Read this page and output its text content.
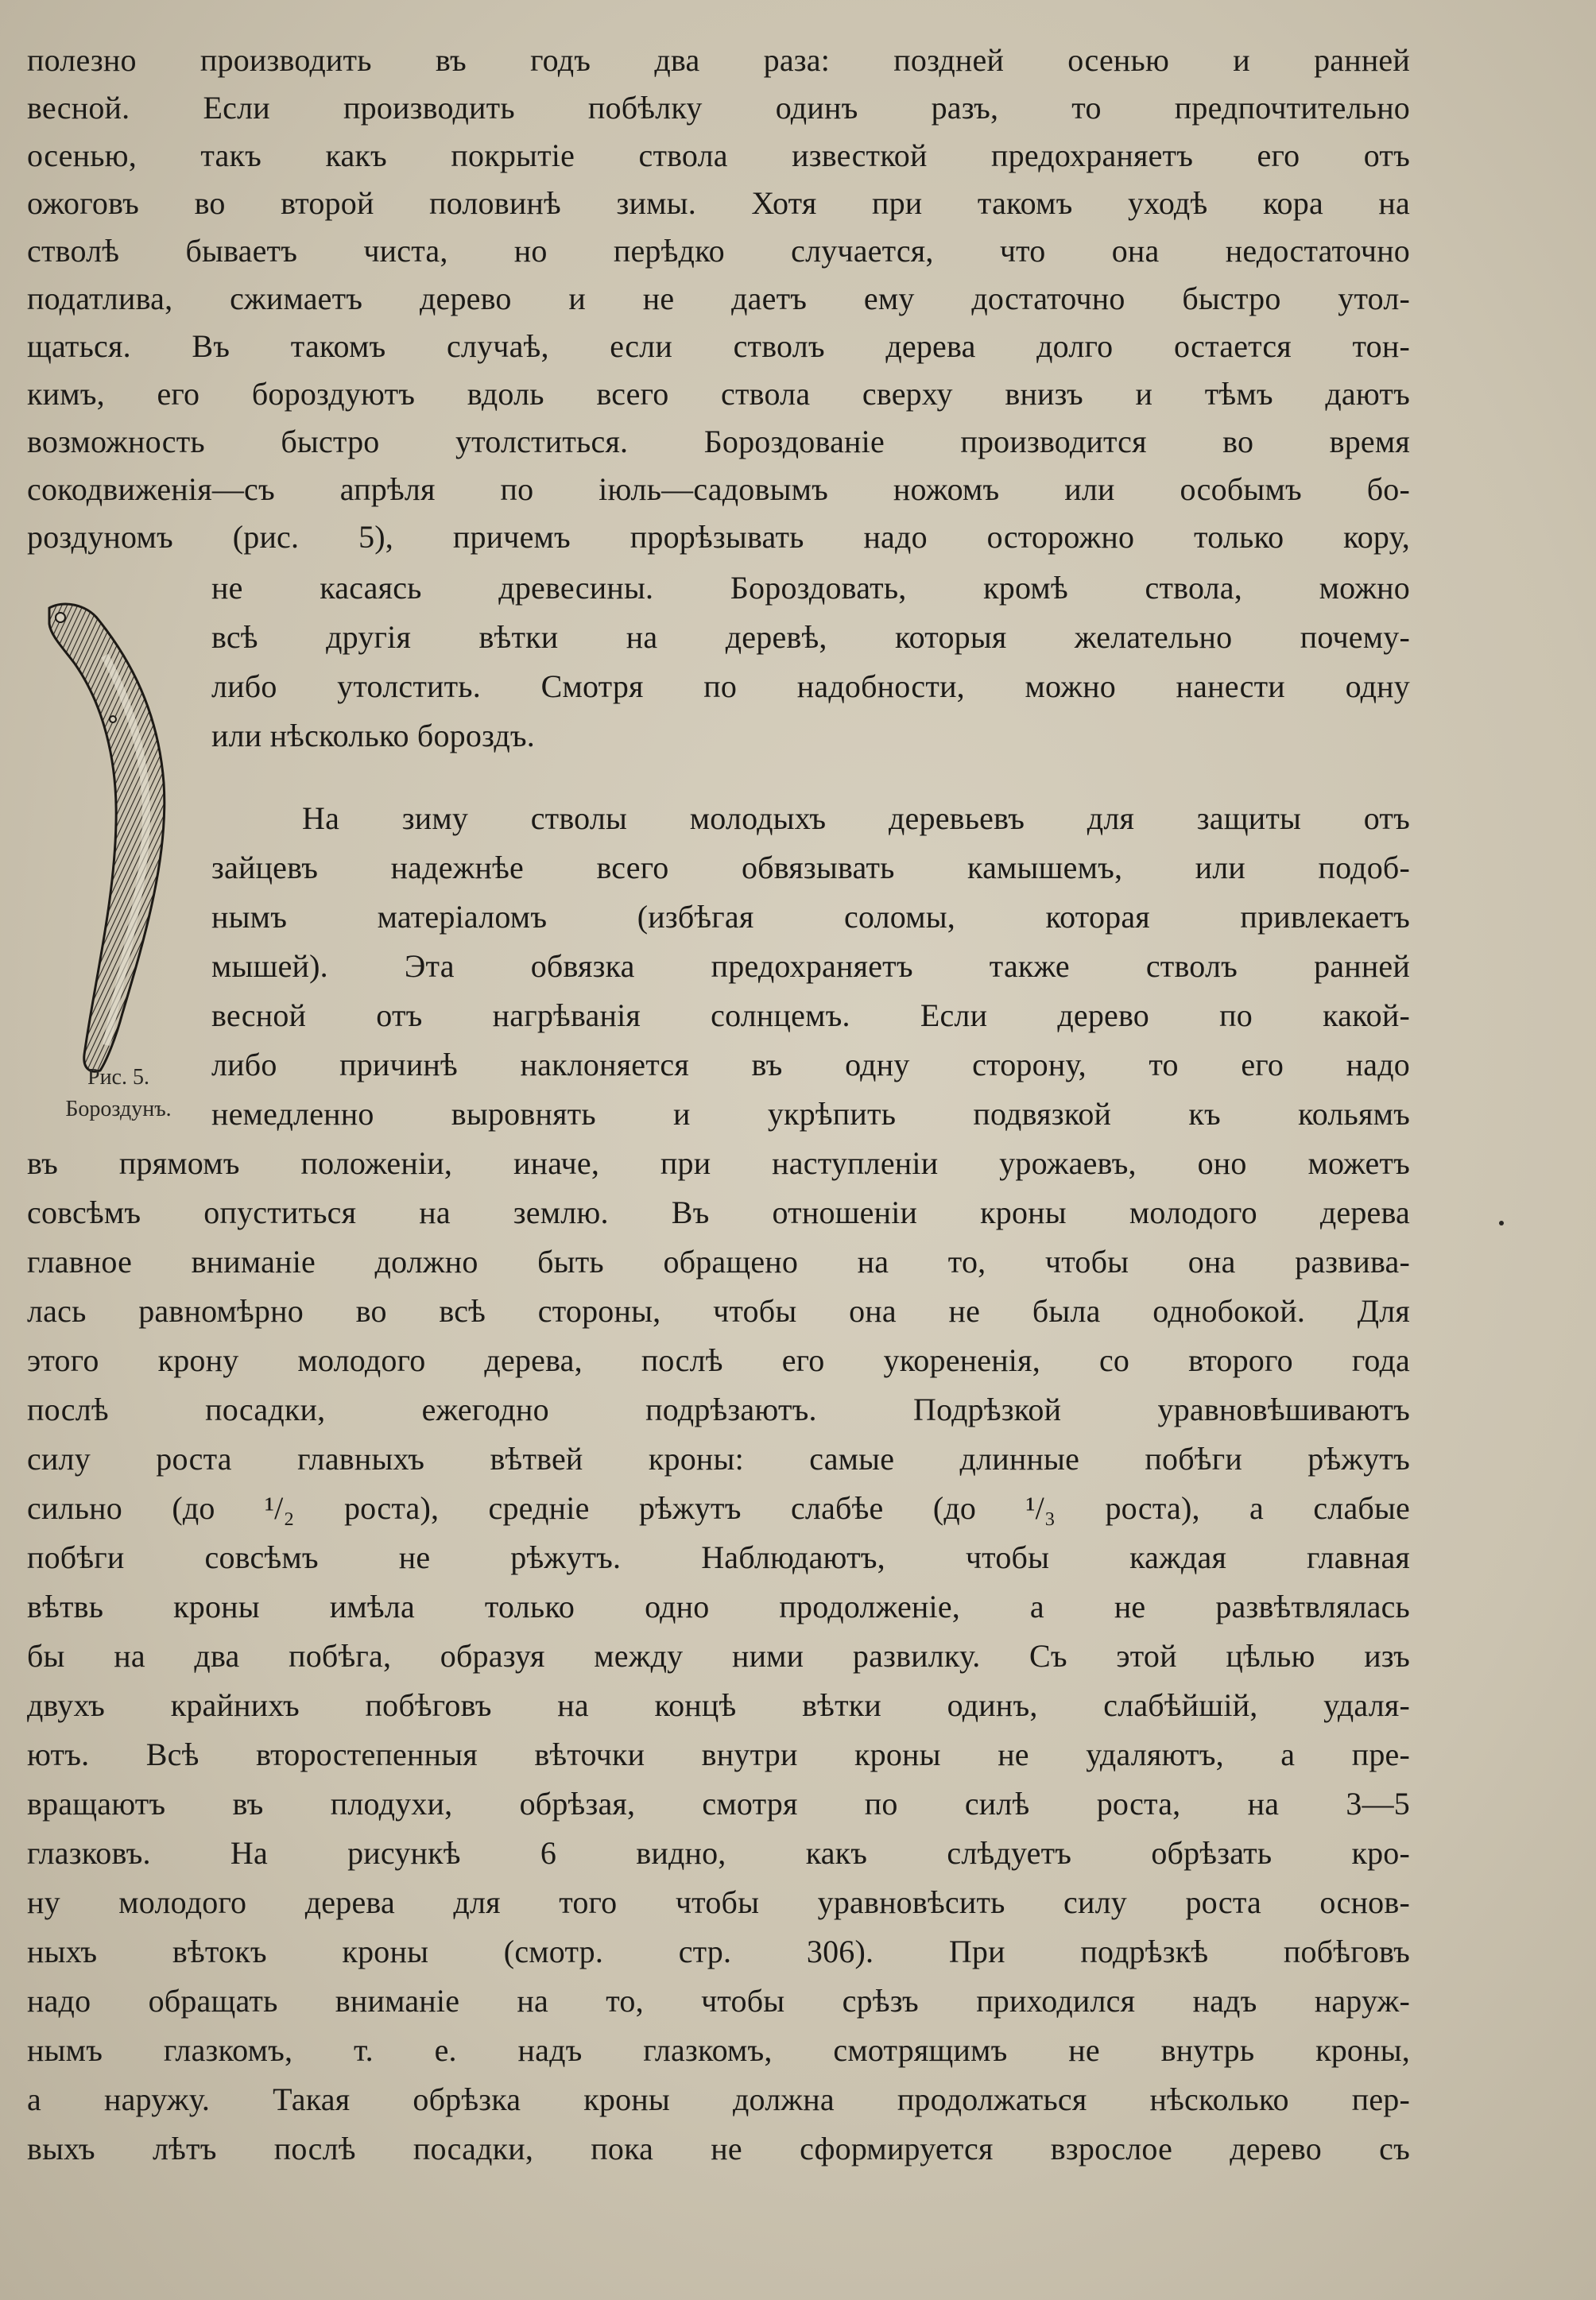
Рис. 5.
Бороздунъ.
полезно производить въ годъ два раза: поздней осенью и ранней
весной. Если производить побѣлку одинъ разъ, то предпочтительно
осенью, такъ какъ покрытіе ствола известкой предохраняетъ его отъ
ожоговъ во второй половинѣ зимы. Хотя при такомъ уходѣ кора на
стволѣ бываетъ чиста, но перѣдко случается, что она недостаточно
податлива, сжимаетъ дерево и не даетъ ему достаточно быстро утол-
щаться. Въ такомъ случаѣ, если стволъ дерева долго остается тон-
кимъ, его бороздуютъ вдоль всего ствола сверху внизъ и тѣмъ даютъ
возможность быстро утолститься. Бороздованіе производится во время
сокодвиженія—съ апрѣля по іюль—садовымъ ножомъ или особымъ бо-
роздуномъ (рис. 5), причемъ прорѣзывать надо осторожно только кору,
не касаясь древесины. Бороздовать, кромѣ ствола, можно
всѣ другія вѣтки на деревѣ, которыя желательно почему-
либо утолстить. Смотря по надобности, можно нанести одну
или нѣсколько бороздъ.
На зиму стволы молодыхъ деревьевъ для защиты отъ
зайцевъ надежнѣе всего обвязывать камышемъ, или подоб-
нымъ матеріаломъ (избѣгая соломы, которая привлекаетъ
мышей). Эта обвязка предохраняетъ также стволъ ранней
весной отъ нагрѣванія солнцемъ. Если дерево по какой-
либо причинѣ наклоняется въ одну сторону, то его надо
немедленно выровнять и укрѣпить подвязкой къ кольямъ
въ прямомъ положеніи, иначе, при наступленіи урожаевъ, оно можетъ
совсѣмъ опуститься на землю. Въ отношеніи кроны молодого дерева
главное вниманіе должно быть обращено на то, чтобы она развива-
лась равномѣрно во всѣ стороны, чтобы она не была однобокой. Для
этого крону молодого дерева, послѣ его укорененія, со второго года
послѣ посадки, ежегодно подрѣзаютъ. Подрѣзкой уравновѣшиваютъ
силу роста главныхъ вѣтвей кроны: самые длинные побѣги рѣжутъ
сильно (до ¹/₂ роста), средніе рѣжутъ слабѣе (до ¹/₃ роста), а слабые
побѣги совсѣмъ не рѣжутъ. Наблюдаютъ, чтобы каждая главная
вѣтвь кроны имѣла только одно продолженіе, а не развѣтвлялась
бы на два побѣга, образуя между ними развилку. Съ этой цѣлью изъ
двухъ крайнихъ побѣговъ на концѣ вѣтки одинъ, слабѣйшій, удаля-
ютъ. Всѣ второстепенныя вѣточки внутри кроны не удаляютъ, а пре-
вращаютъ въ плодухи, обрѣзая, смотря по силѣ роста, на 3—5
глазковъ. На рисункѣ 6 видно, какъ слѣдуетъ обрѣзать кро-
ну молодого дерева для того чтобы уравновѣсить силу роста основ-
ныхъ вѣтокъ кроны (смотр. стр. 306). При подрѣзкѣ побѣговъ
надо обращать вниманіе на то, чтобы срѣзъ приходился надъ наруж-
нымъ глазкомъ, т. е. надъ глазкомъ, смотрящимъ не внутрь кроны,
а наружу. Такая обрѣзка кроны должна продолжаться нѣсколько пер-
выхъ лѣтъ послѣ посадки, пока не сформируется взрослое дерево съ
